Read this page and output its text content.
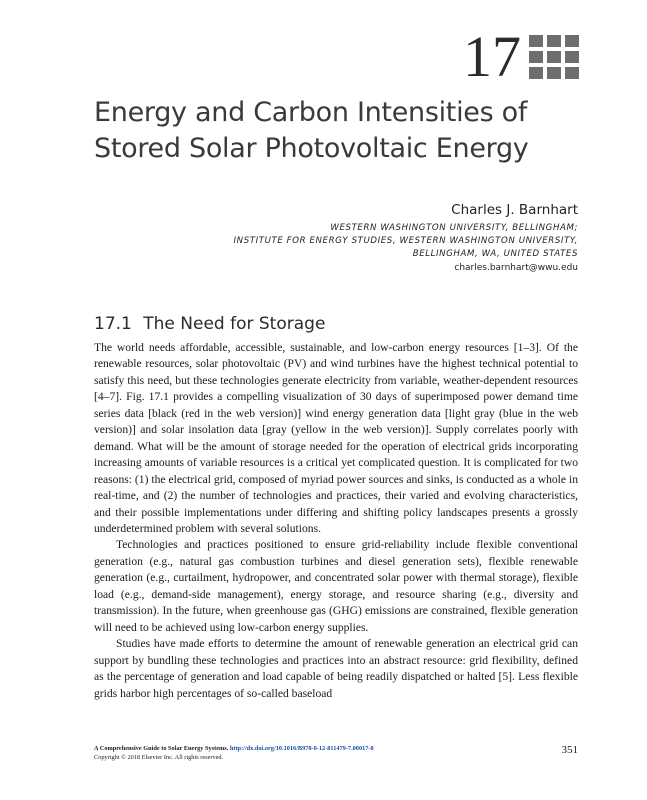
17
Energy and Carbon Intensities of
Stored Solar Photovoltaic Energy
Charles J. Barnhart
WESTERN WASHINGTON UNIVERSITY, BELLINGHAM;
INSTITUTE FOR ENERGY STUDIES, WESTERN WASHINGTON UNIVERSITY,
BELLINGHAM, WA, UNITED STATES
charles.barnhart@wwu.edu
17.1 The Need for Storage

The world needs affordable, accessible, sustainable, and low-carbon energy resources [1–3]. Of the renewable resources, solar photovoltaic (PV) and wind turbines have the highest technical potential to satisfy this need, but these technologies generate electricity from variable, weather-dependent resources [4–7]. Fig. 17.1 provides a compelling visualization of 30 days of superimposed power demand time series data [black (red in the web version)] wind energy generation data [light gray (blue in the web version)] and solar insolation data [gray (yellow in the web version)]. Supply correlates poorly with demand. What will be the amount of storage needed for the operation of electrical grids incorporating increasing amounts of variable resources is a critical yet complicated question. It is complicated for two reasons: (1) the electrical grid, composed of myriad power sources and sinks, is conducted as a whole in real-time, and (2) the number of technologies and practices, their varied and evolving characteristics, and their possible implementations under differing and shifting policy landscapes presents a grossly underdetermined problem with several solutions.

Technologies and practices positioned to ensure grid-reliability include flexible conventional generation (e.g., natural gas combustion turbines and diesel generation sets), flexible renewable generation (e.g., curtailment, hydropower, and concentrated solar power with thermal storage), flexible load (e.g., demand-side management), energy storage, and resource sharing (e.g., diversity and transmission). In the future, when greenhouse gas (GHG) emissions are constrained, flexible generation will need to be achieved using low-carbon energy supplies.

Studies have made efforts to determine the amount of renewable generation an electrical grid can support by bundling these technologies and practices into an abstract resource: grid flexibility, defined as the percentage of generation and load capable of being readily dispatched or halted [5]. Less flexible grids harbor high percentages of so-called baseload

A Comprehensive Guide to Solar Energy Systems. http://dx.doi.org/10.1016/B978-0-12-811479-7.00017-8
Copyright © 2018 Elsevier Inc. All rights reserved.
351
